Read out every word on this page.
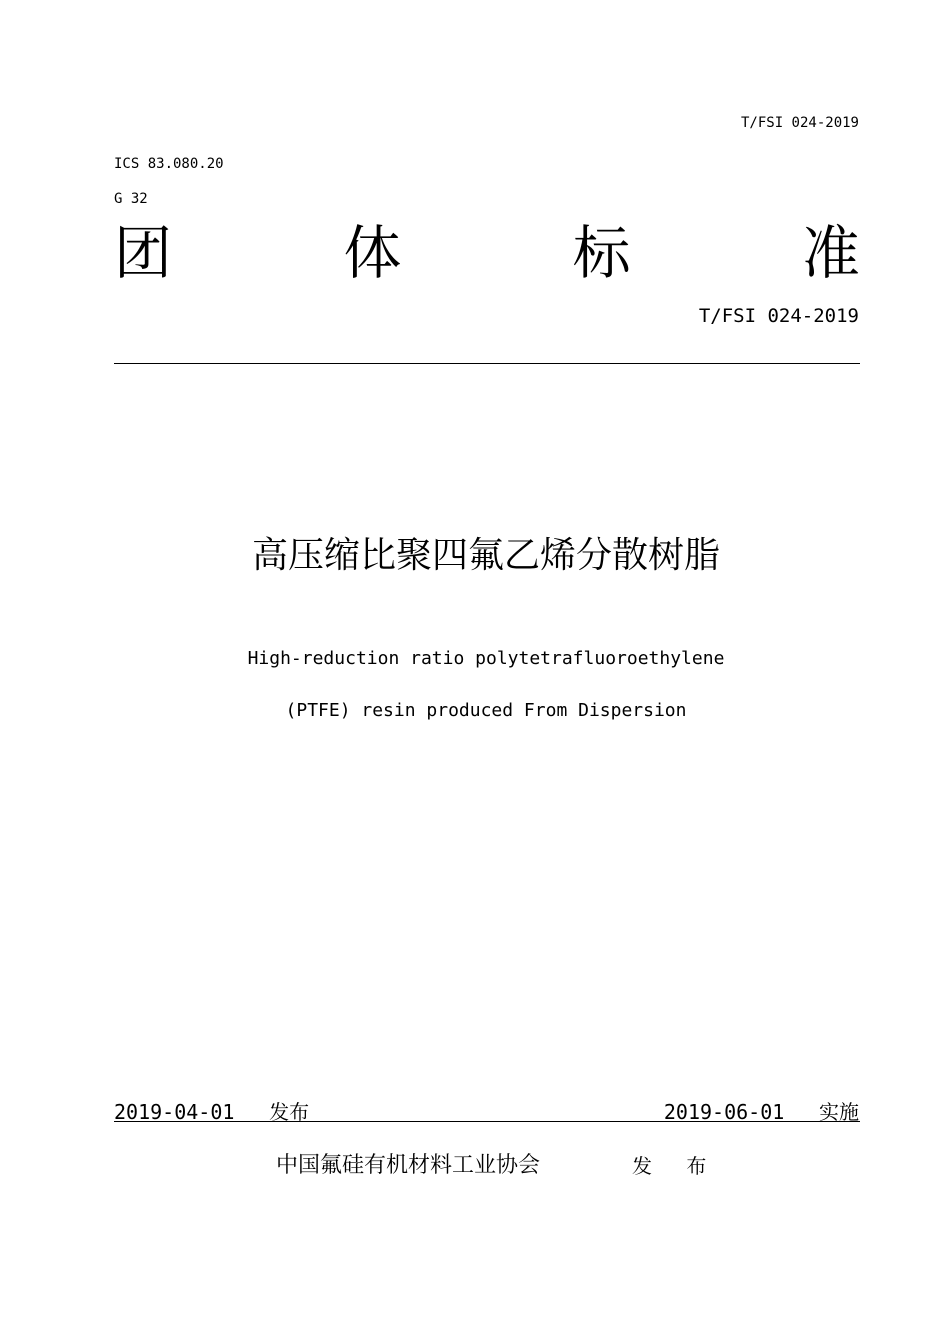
T/FSI 024-2019
ICS 83.080.20
G 32
团	体	标	准
T/FSI 024-2019
高压缩比聚四氟乙烯分散树脂
High-reduction ratio polytetrafluoroethylene
(PTFE) resin produced From Dispersion
2019-04-01 发布	2019-06-01 实施
中国氟硅有机材料工业协会	发 布
